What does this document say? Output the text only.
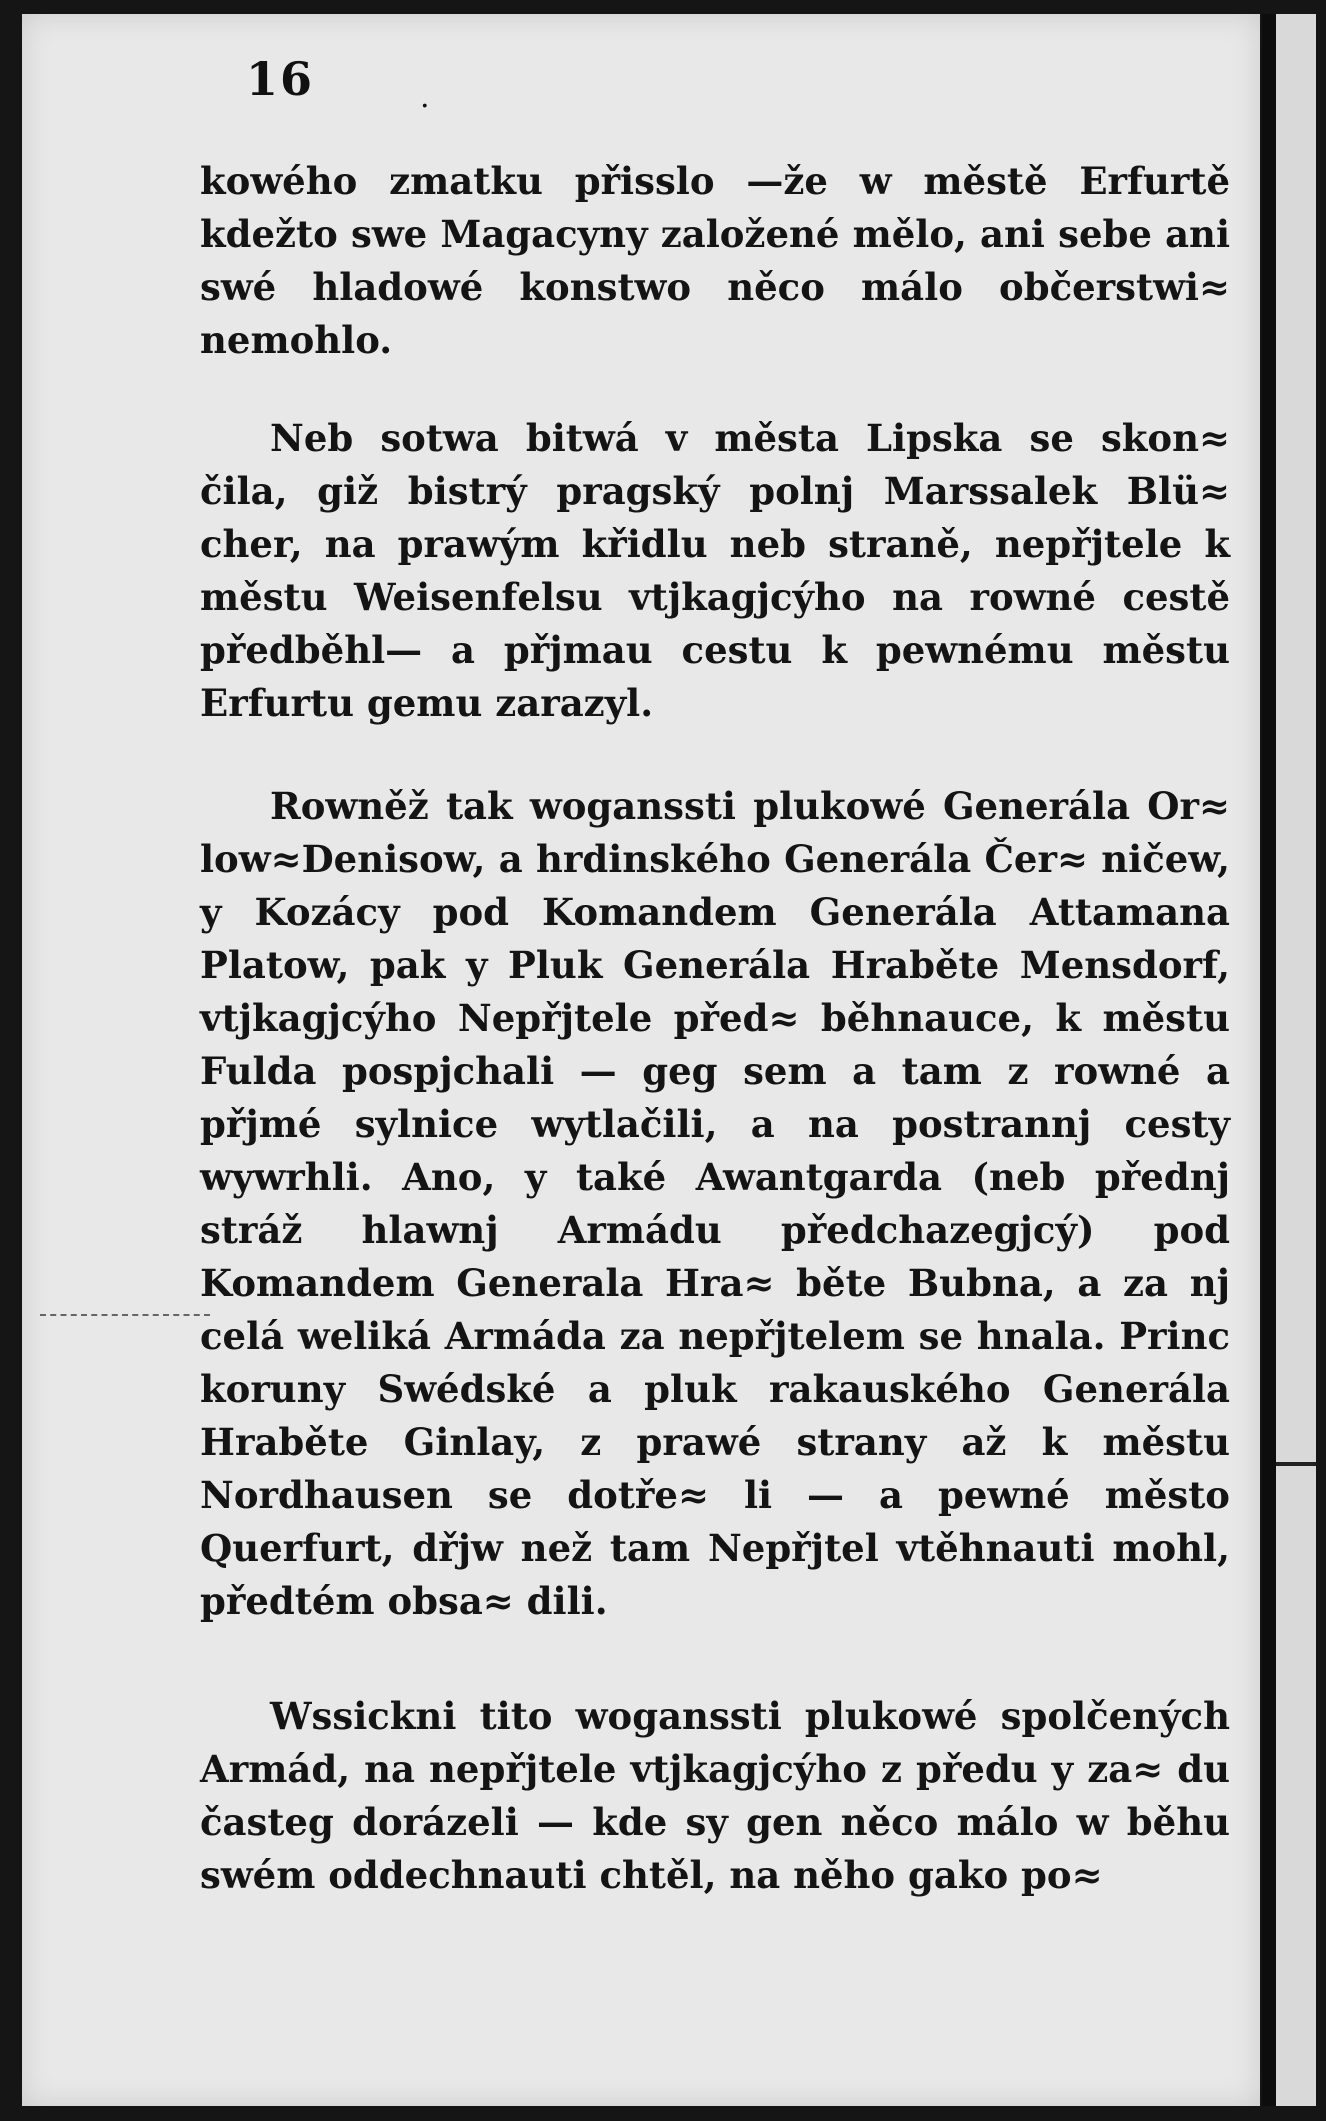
16	.

kowého zmatku přisslo —že w městě Erfurtě kdežto swe Magacyny založené mělo, ani sebe ani swé hladowé konstwo něco málo občerstwi≈ nemohlo.

Neb sotwa bitwá v města Lipska se skon≈ čila, giž bistrý pragský polnj Marssalek Blü≈ cher, na prawým křidlu neb straně, nepřjtele k městu Weisenfelsu vtjkagjcýho na rowné cestě předběhl— a přjmau cestu k pewnému městu Erfurtu gemu zarazyl.

Rowněž tak woganssti plukowé Generála Or≈ low≈Denisow, a hrdinského Generála Čer≈ ničew, y Kozácy pod Komandem Generála Attamana Platow, pak y Pluk Generála Hraběte Mensdorf, vtjkagjcýho Nepřjtele před≈ běhnauce, k městu Fulda pospjchali — geg sem a tam z rowné a přjmé sylnice wytlačili, a na postrannj cesty wywrhli. Ano, y také Awantgarda (neb přednj stráž hlawnj Armádu předchazegjcý) pod Komandem Generala Hra≈ běte Bubna, a za nj celá weliká Armáda za nepřjtelem se hnala. Princ koruny Swédské a pluk rakauského Generála Hraběte Ginlay, z prawé strany až k městu Nordhausen se dotře≈ li — a pewné město Querfurt, dřjw než tam Nepřjtel vtěhnauti mohl, předtém obsa≈ dili.

Wssickni tito woganssti plukowé spolčených Armád, na nepřjtele vtjkagjcýho z předu y za≈ du časteg dorázeli — kde sy gen něco málo w běhu swém oddechnauti chtěl, na něho gako po≈
